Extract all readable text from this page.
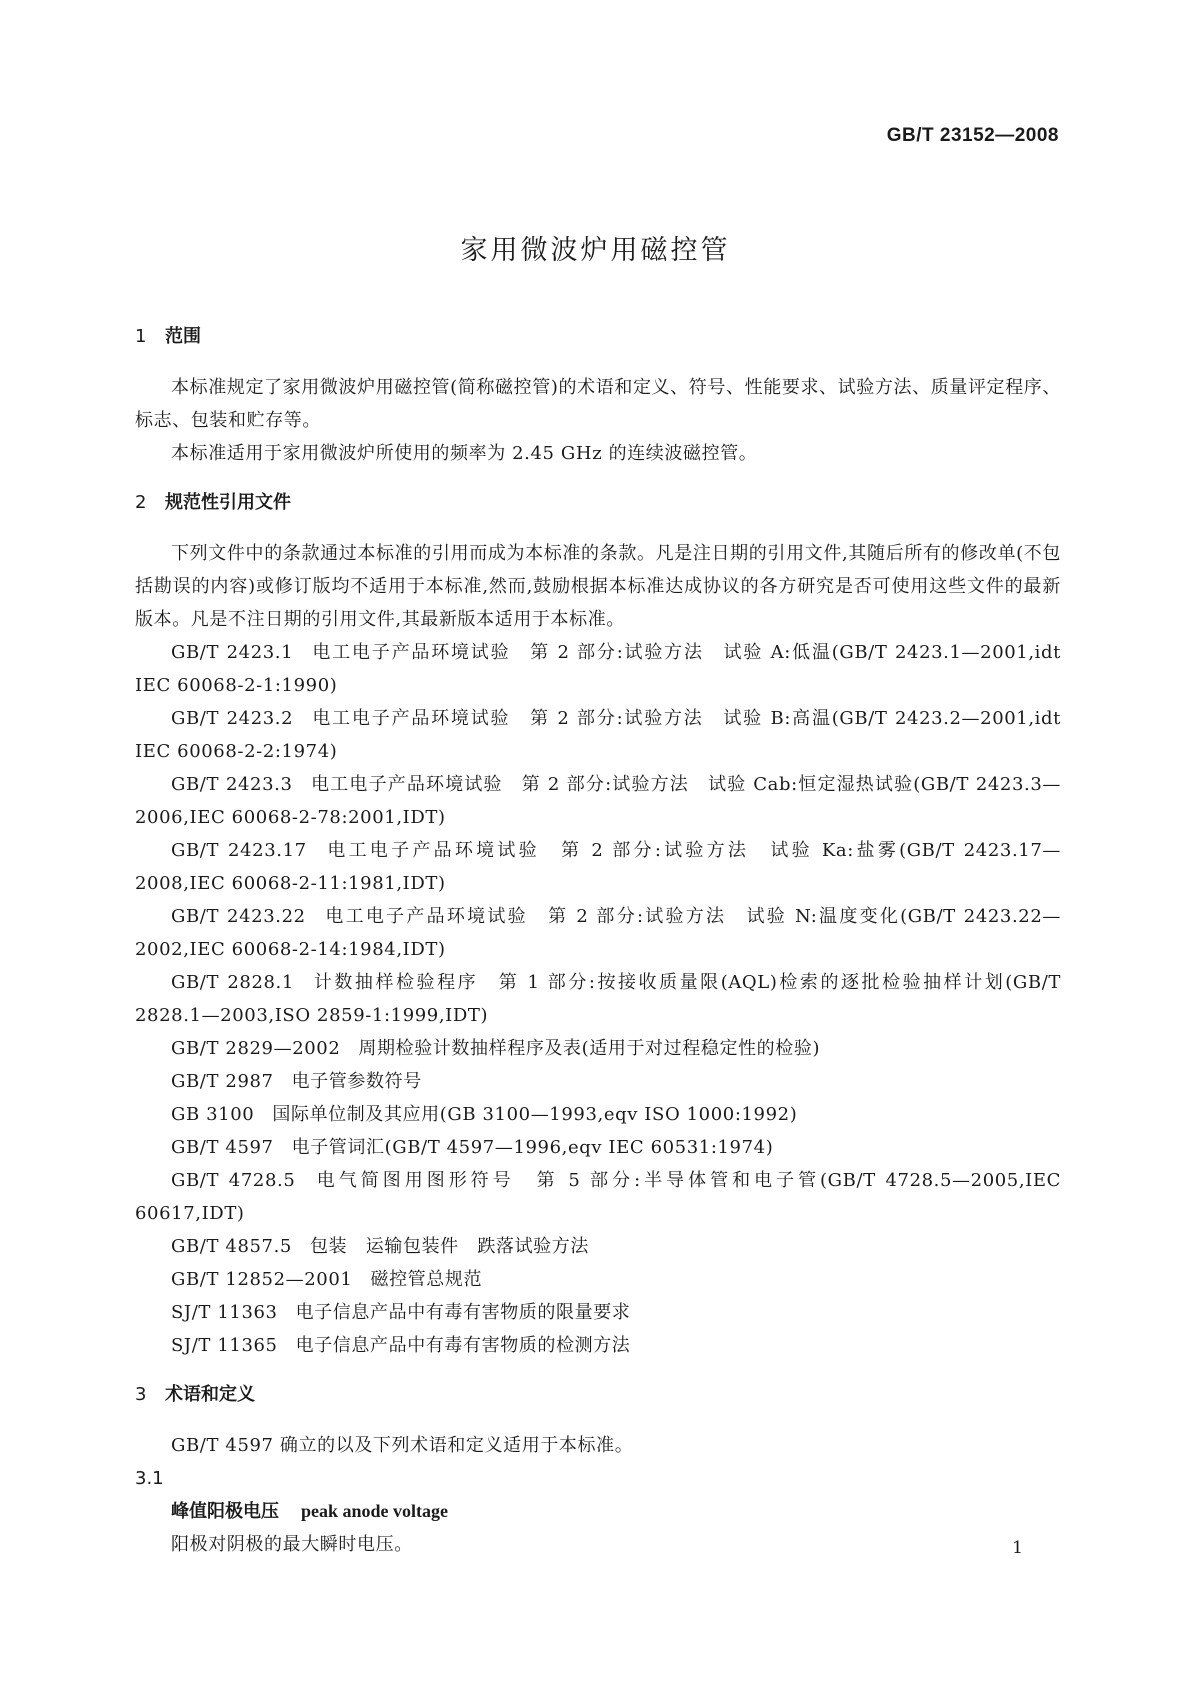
GB/T 23152—2008
家用微波炉用磁控管
1 范围

本标准规定了家用微波炉用磁控管(简称磁控管)的术语和定义、符号、性能要求、试验方法、质量评定程序、标志、包装和贮存等。

本标准适用于家用微波炉所使用的频率为 2.45 GHz 的连续波磁控管。

2 规范性引用文件

下列文件中的条款通过本标准的引用而成为本标准的条款。凡是注日期的引用文件,其随后所有的修改单(不包括勘误的内容)或修订版均不适用于本标准,然而,鼓励根据本标准达成协议的各方研究是否可使用这些文件的最新版本。凡是不注日期的引用文件,其最新版本适用于本标准。

GB/T 2423.1 电工电子产品环境试验　第 2 部分:试验方法　试验 A:低温(GB/T 2423.1—2001,idt IEC 60068-2-1:1990)

GB/T 2423.2 电工电子产品环境试验　第 2 部分:试验方法　试验 B:高温(GB/T 2423.2—2001,idt IEC 60068-2-2:1974)

GB/T 2423.3 电工电子产品环境试验　第 2 部分:试验方法　试验 Cab:恒定湿热试验(GB/T 2423.3—2006,IEC 60068-2-78:2001,IDT)

GB/T 2423.17 电工电子产品环境试验　第 2 部分:试验方法　试验 Ka:盐雾(GB/T 2423.17—2008,IEC 60068-2-11:1981,IDT)

GB/T 2423.22 电工电子产品环境试验　第 2 部分:试验方法　试验 N:温度变化(GB/T 2423.22—2002,IEC 60068-2-14:1984,IDT)

GB/T 2828.1 计数抽样检验程序　第 1 部分:按接收质量限(AQL)检索的逐批检验抽样计划(GB/T 2828.1—2003,ISO 2859-1:1999,IDT)

GB/T 2829—2002 周期检验计数抽样程序及表(适用于对过程稳定性的检验)

GB/T 2987 电子管参数符号

GB 3100 国际单位制及其应用(GB 3100—1993,eqv ISO 1000:1992)

GB/T 4597 电子管词汇(GB/T 4597—1996,eqv IEC 60531:1974)

GB/T 4728.5 电气简图用图形符号　第 5 部分:半导体管和电子管(GB/T 4728.5—2005,IEC 60617,IDT)

GB/T 4857.5 包装　运输包装件　跌落试验方法

GB/T 12852—2001 磁控管总规范

SJ/T 11363 电子信息产品中有毒有害物质的限量要求

SJ/T 11365 电子信息产品中有毒有害物质的检测方法

3 术语和定义

GB/T 4597 确立的以及下列术语和定义适用于本标准。

3.1

峰值阳极电压 peak anode voltage

阳极对阴极的最大瞬时电压。	1
